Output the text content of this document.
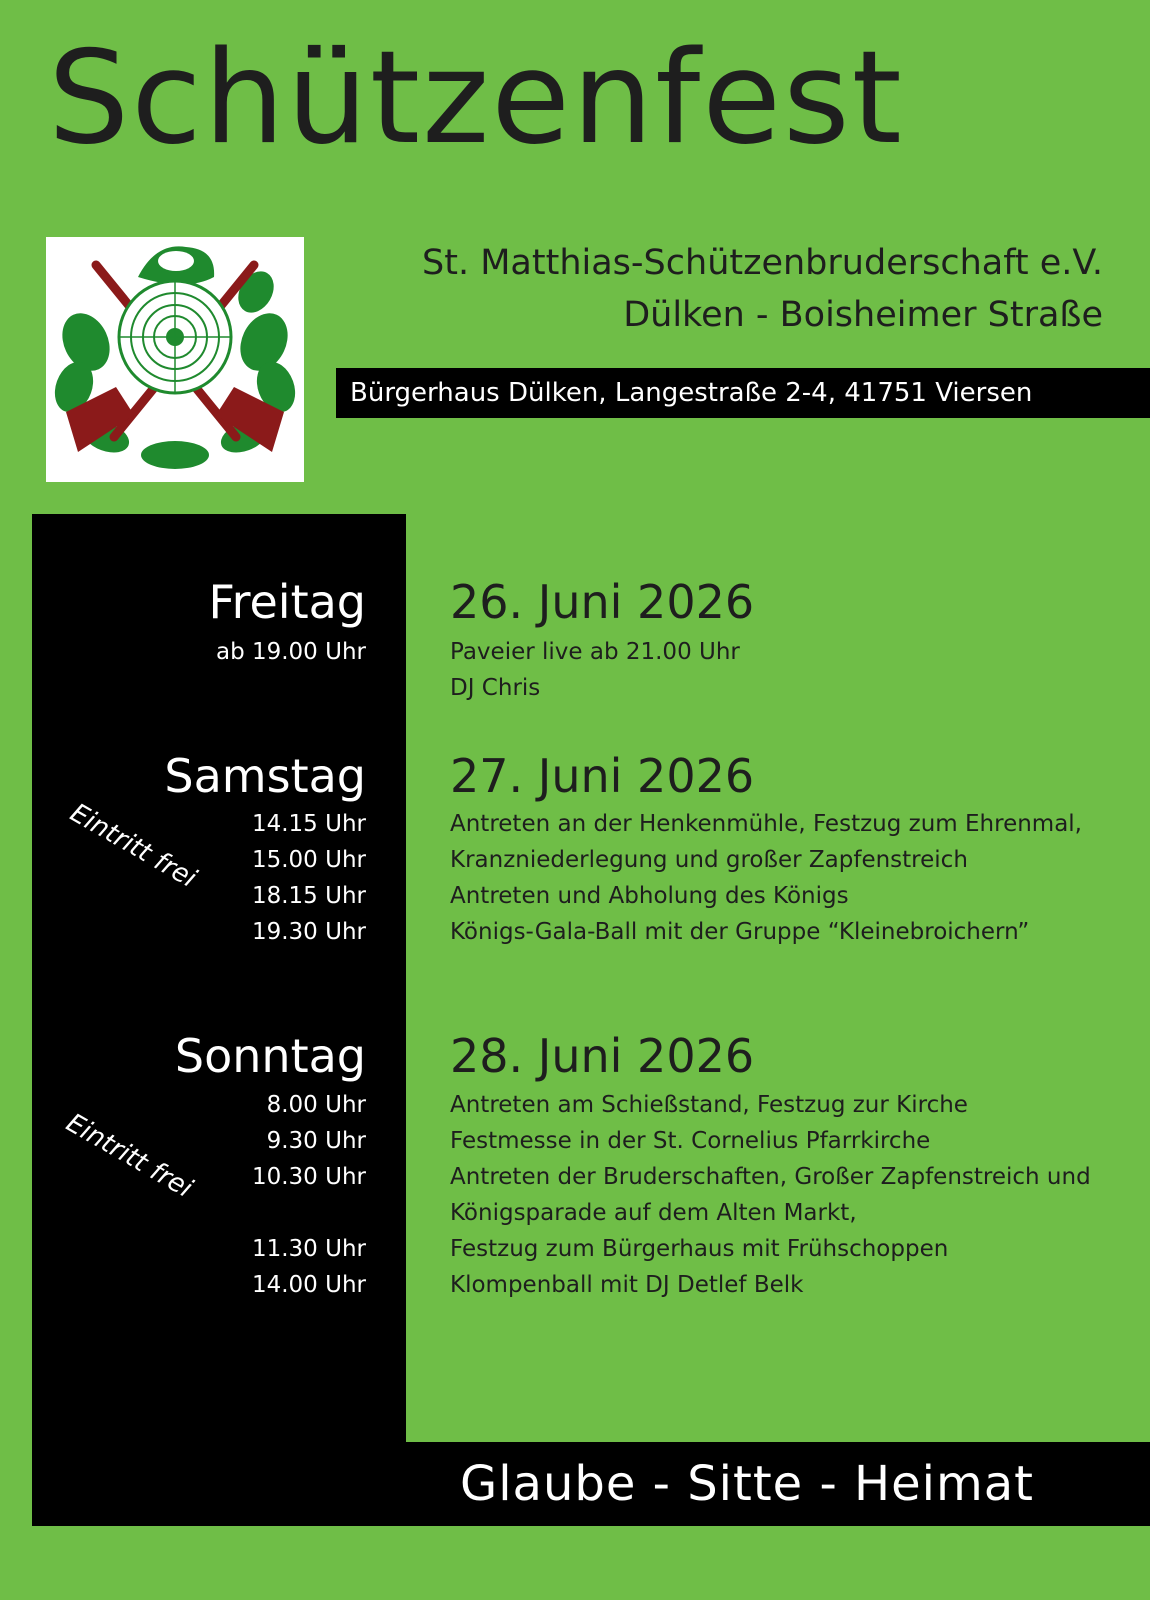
Schützenfest
St. Matthias-Schützenbruderschaft e.V.
Dülken - Boisheimer Straße
Bürgerhaus Dülken, Langestraße 2-4, 41751 Viersen
Freitag
ab 19.00 Uhr
26. Juni 2026
Paveier live ab 21.00 Uhr
DJ Chris
Samstag
Eintritt frei 14.15 Uhr
15.00 Uhr
18.15 Uhr
19.30 Uhr
27. Juni 2026
Antreten an der Henkenmühle, Festzug zum Ehrenmal,
Kranzniederlegung und großer Zapfenstreich
Antreten und Abholung des Königs
Königs-Gala-Ball mit der Gruppe “Kleinebroichern”
Sonntag
Eintritt frei
8.00 Uhr
9.30 Uhr
10.30 Uhr

11.30 Uhr
14.00 Uhr
28. Juni 2026
Antreten am Schießstand, Festzug zur Kirche
Festmesse in der St. Cornelius Pfarrkirche
Antreten der Bruderschaften, Großer Zapfenstreich und
Königsparade auf dem Alten Markt,
Festzug zum Bürgerhaus mit Frühschoppen
Klompenball mit DJ Detlef Belk
Glaube - Sitte - Heimat
